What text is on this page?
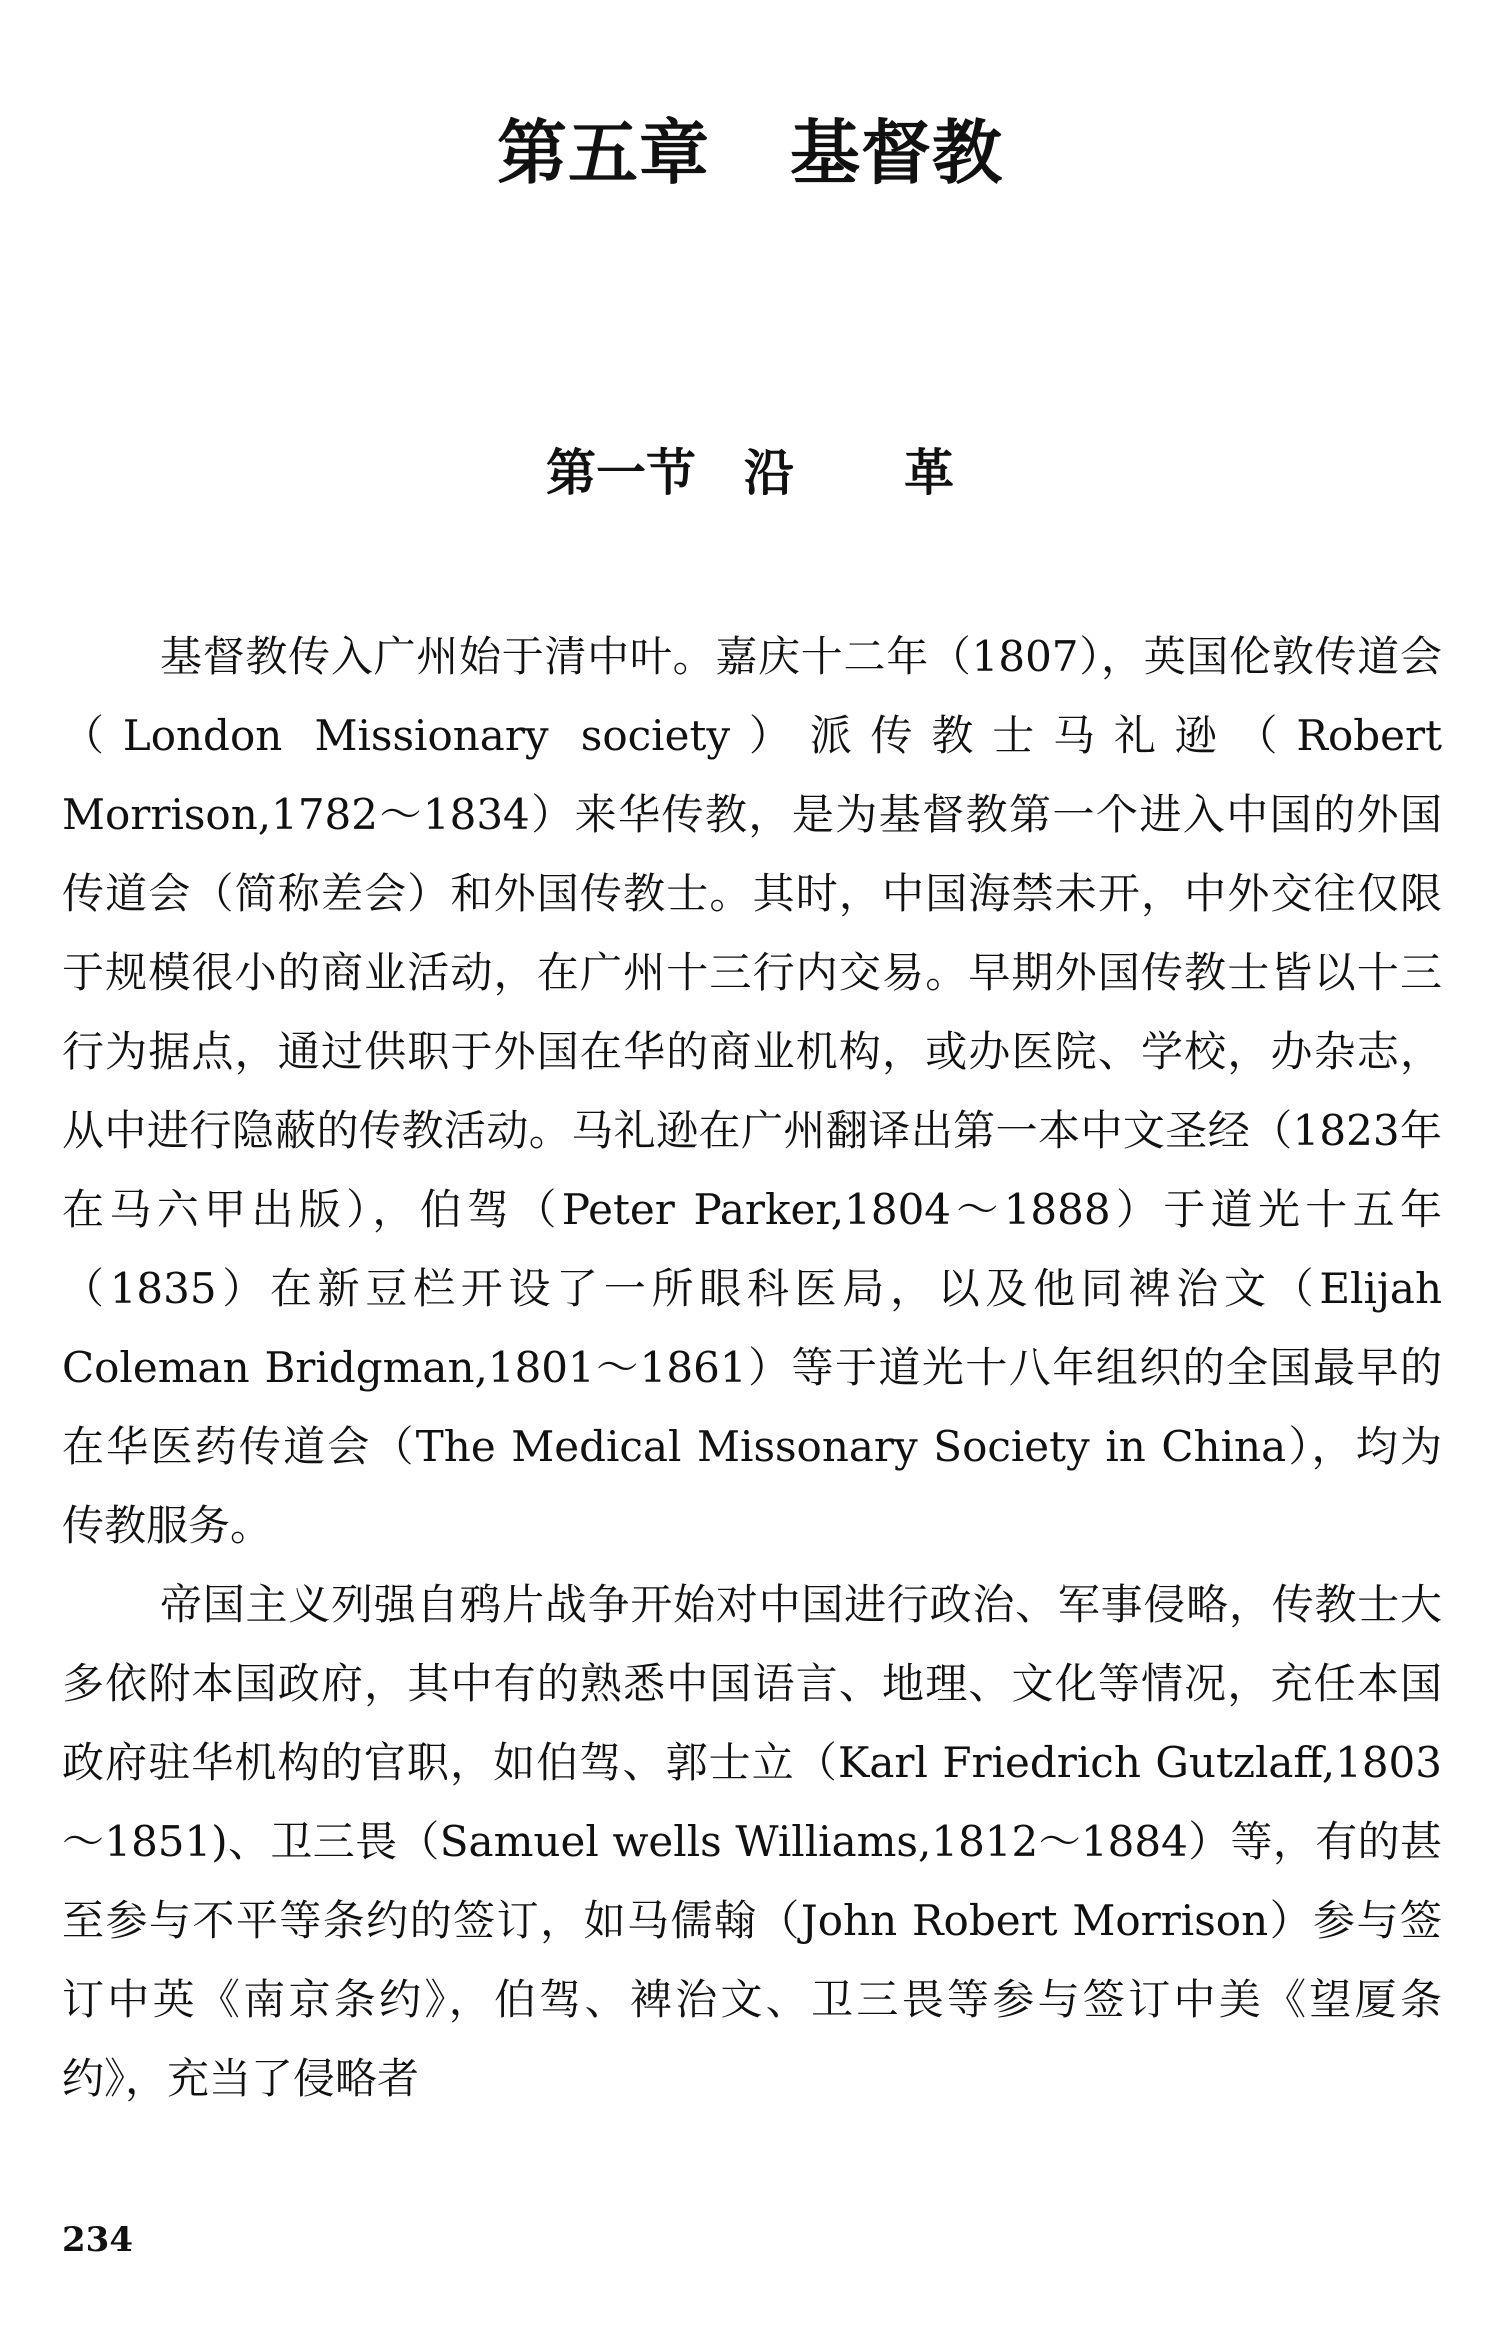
第五章 基督教
第一节 沿革

基督教传入广州始于清中叶。嘉庆十二年（1807），英国伦敦传道会（London Missionary society）派传教士马礼逊（Robert Morrison,1782～1834）来华传教，是为基督教第一个进入中国的外国传道会（简称差会）和外国传教士。其时，中国海禁未开，中外交往仅限于规模很小的商业活动，在广州十三行内交易。早期外国传教士皆以十三行为据点，通过供职于外国在华的商业机构，或办医院、学校，办杂志，从中进行隐蔽的传教活动。马礼逊在广州翻译出第一本中文圣经（1823年在马六甲出版），伯驾（Peter Parker,1804～1888）于道光十五年（1835）在新豆栏开设了一所眼科医局，以及他同裨治文（Elijah Coleman Bridgman,1801～1861）等于道光十八年组织的全国最早的在华医药传道会（The Medical Missonary Society in China），均为传教服务。

帝国主义列强自鸦片战争开始对中国进行政治、军事侵略，传教士大多依附本国政府，其中有的熟悉中国语言、地理、文化等情况，充任本国政府驻华机构的官职，如伯驾、郭士立（Karl Friedrich Gutzlaff,1803～1851)、卫三畏（Samuel wells Williams,1812～1884）等，有的甚至参与不平等条约的签订，如马儒翰（John Robert Morrison）参与签订中英《南京条约》，伯驾、裨治文、卫三畏等参与签订中美《望厦条约》，充当了侵略者

234
